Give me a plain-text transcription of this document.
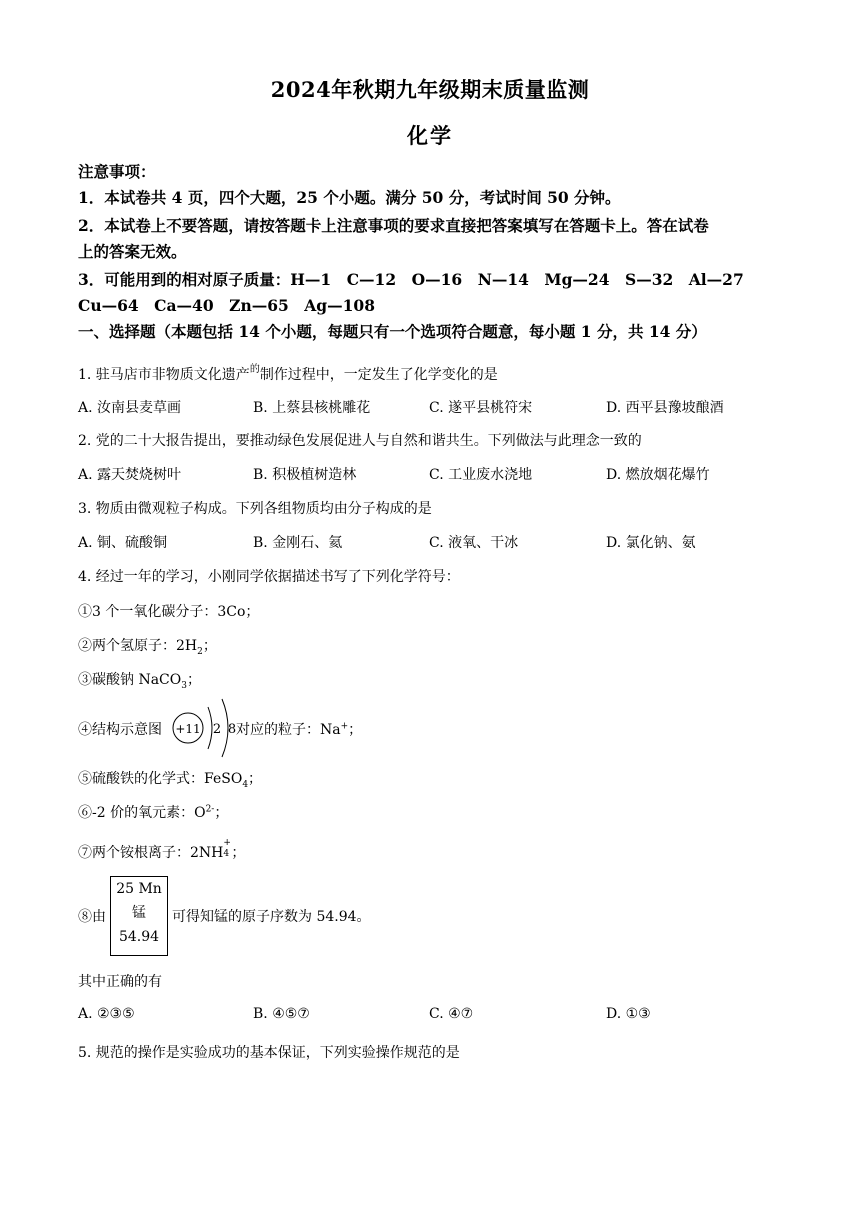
2024年秋期九年级期末质量监测
化学
注意事项：
1．本试卷共 4 页，四个大题，25 个小题。满分 50 分，考试时间 50 分钟。
2．本试卷上不要答题，请按答题卡上注意事项的要求直接把答案填写在答题卡上。答在试卷
上的答案无效。
3．可能用到的相对原子质量：H—1　C—12　O—16　N—14　Mg—24　S—32　Al—27
Cu—64　Ca—40　Zn—65　Ag—108
一、选择题（本题包括 14 个小题，每题只有一个选项符合题意，每小题 1 分，共 14 分）
1. 驻马店市非物质文化遗产$^的$制作过程中，一定发生了化学变化的是
A. 汝南县麦草画	B. 上蔡县核桃雕花	C. 遂平县桃符宋	D. 西平县豫坡酿酒
2. 党的二十大报告提出，要推动绿色发展促进人与自然和谐共生。下列做法与此理念一致的
A. 露天焚烧树叶	B. 积极植树造林	C. 工业废水浇地	D. 燃放烟花爆竹
3. 物质由微观粒子构成。下列各组物质均由分子构成的是
A. 铜、硫酸铜	B. 金刚石、氦	C. 液氧、干冰	D. 氯化钠、氨
4. 经过一年的学习，小刚同学依据描述书写了下列化学符号：
①3 个一氧化碳分子：3Co；
②两个氢原子：$2H_2$；
③碳酸钠 NaCO$_3$；
④结构示意图 +11 2 8 对应的粒子：Na+；
⑤硫酸铁的化学式：FeSO$_4$；
⑥-2 价的氧元素：$O^{2-}$；
⑦两个铵根离子：2NH
+
4 ；
⑧由
25 Mn
锰
54.94
可得知锰的原子序数为 54.94。
其中正确的有
A. ②③⑤	B. ④⑤⑦	C. ④⑦	D. ①③
5. 规范的操作是实验成功的基本保证，下列实验操作规范的是
